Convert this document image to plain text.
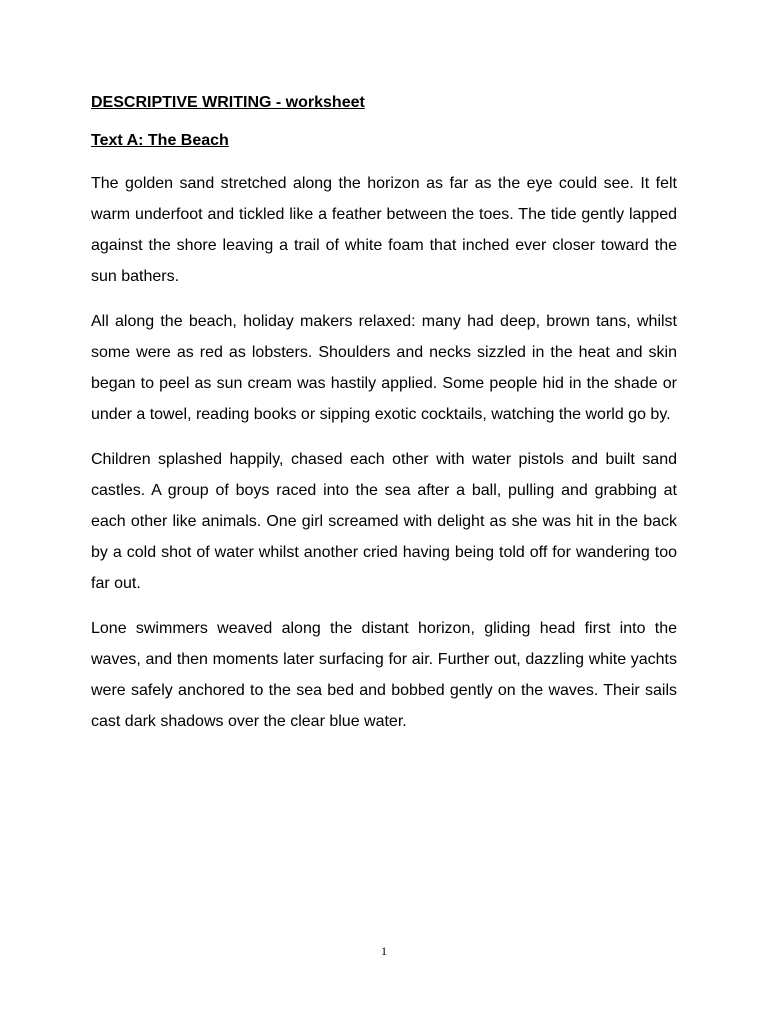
DESCRIPTIVE WRITING - worksheet

Text A: The Beach

The golden sand stretched along the horizon as far as the eye could see. It felt warm underfoot and tickled like a feather between the toes. The tide gently lapped against the shore leaving a trail of white foam that inched ever closer toward the sun bathers.

All along the beach, holiday makers relaxed: many had deep, brown tans, whilst some were as red as lobsters. Shoulders and necks sizzled in the heat and skin began to peel as sun cream was hastily applied. Some people hid in the shade or under a towel, reading books or sipping exotic cocktails, watching the world go by.

Children splashed happily, chased each other with water pistols and built sand castles. A group of boys raced into the sea after a ball, pulling and grabbing at each other like animals. One girl screamed with delight as she was hit in the back by a cold shot of water whilst another cried having being told off for wandering too far out.

Lone swimmers weaved along the distant horizon, gliding head first into the waves, and then moments later surfacing for air. Further out, dazzling white yachts were safely anchored to the sea bed and bobbed gently on the waves. Their sails cast dark shadows over the clear blue water.

1
